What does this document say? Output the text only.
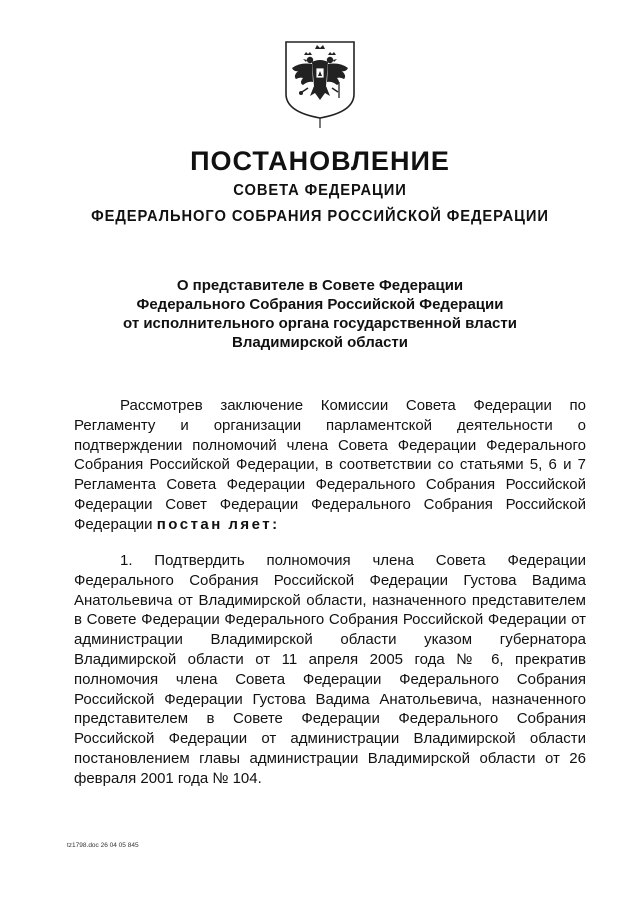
ПОСТАНОВЛЕНИЕ
СОВЕТА ФЕДЕРАЦИИ
ФЕДЕРАЛЬНОГО СОБРАНИЯ РОССИЙСКОЙ ФЕДЕРАЦИИ
О представителе в Совете Федерации
Федерального Собрания Российской Федерации
от исполнительного органа государственной власти
Владимирской области
Рассмотрев заключение Комиссии Совета Федерации по Регламенту и организации парламентской деятельности о подтверждении полномочий члена Совета Федерации Федерального Собрания Российской Федерации, в соответствии со статьями 5, 6 и 7 Регламента Совета Федерации Федерального Собрания Российской Федерации Совет Федерации Федерального Собрания Российской Федерации постан ляет:
1. Подтвердить полномочия члена Совета Федерации Федерального Собрания Российской Федерации Густова Вадима Анатольевича от Владимирской области, назначенного представителем в Совете Федерации Федерального Собрания Российской Федерации от администрации Владимирской области указом губернатора Владимирской области от 11 апреля 2005 года № 6, прекратив полномочия члена Совета Федерации Федерального Собрания Российской Федерации Густова Вадима Анатольевича, назначенного представителем в Совете Федерации Федерального Собрания Российской Федерации от администрации Владимирской области постановлением главы администрации Владимирской области от 26 февраля 2001 года № 104.
tz1798.doc 26 04 05 845
